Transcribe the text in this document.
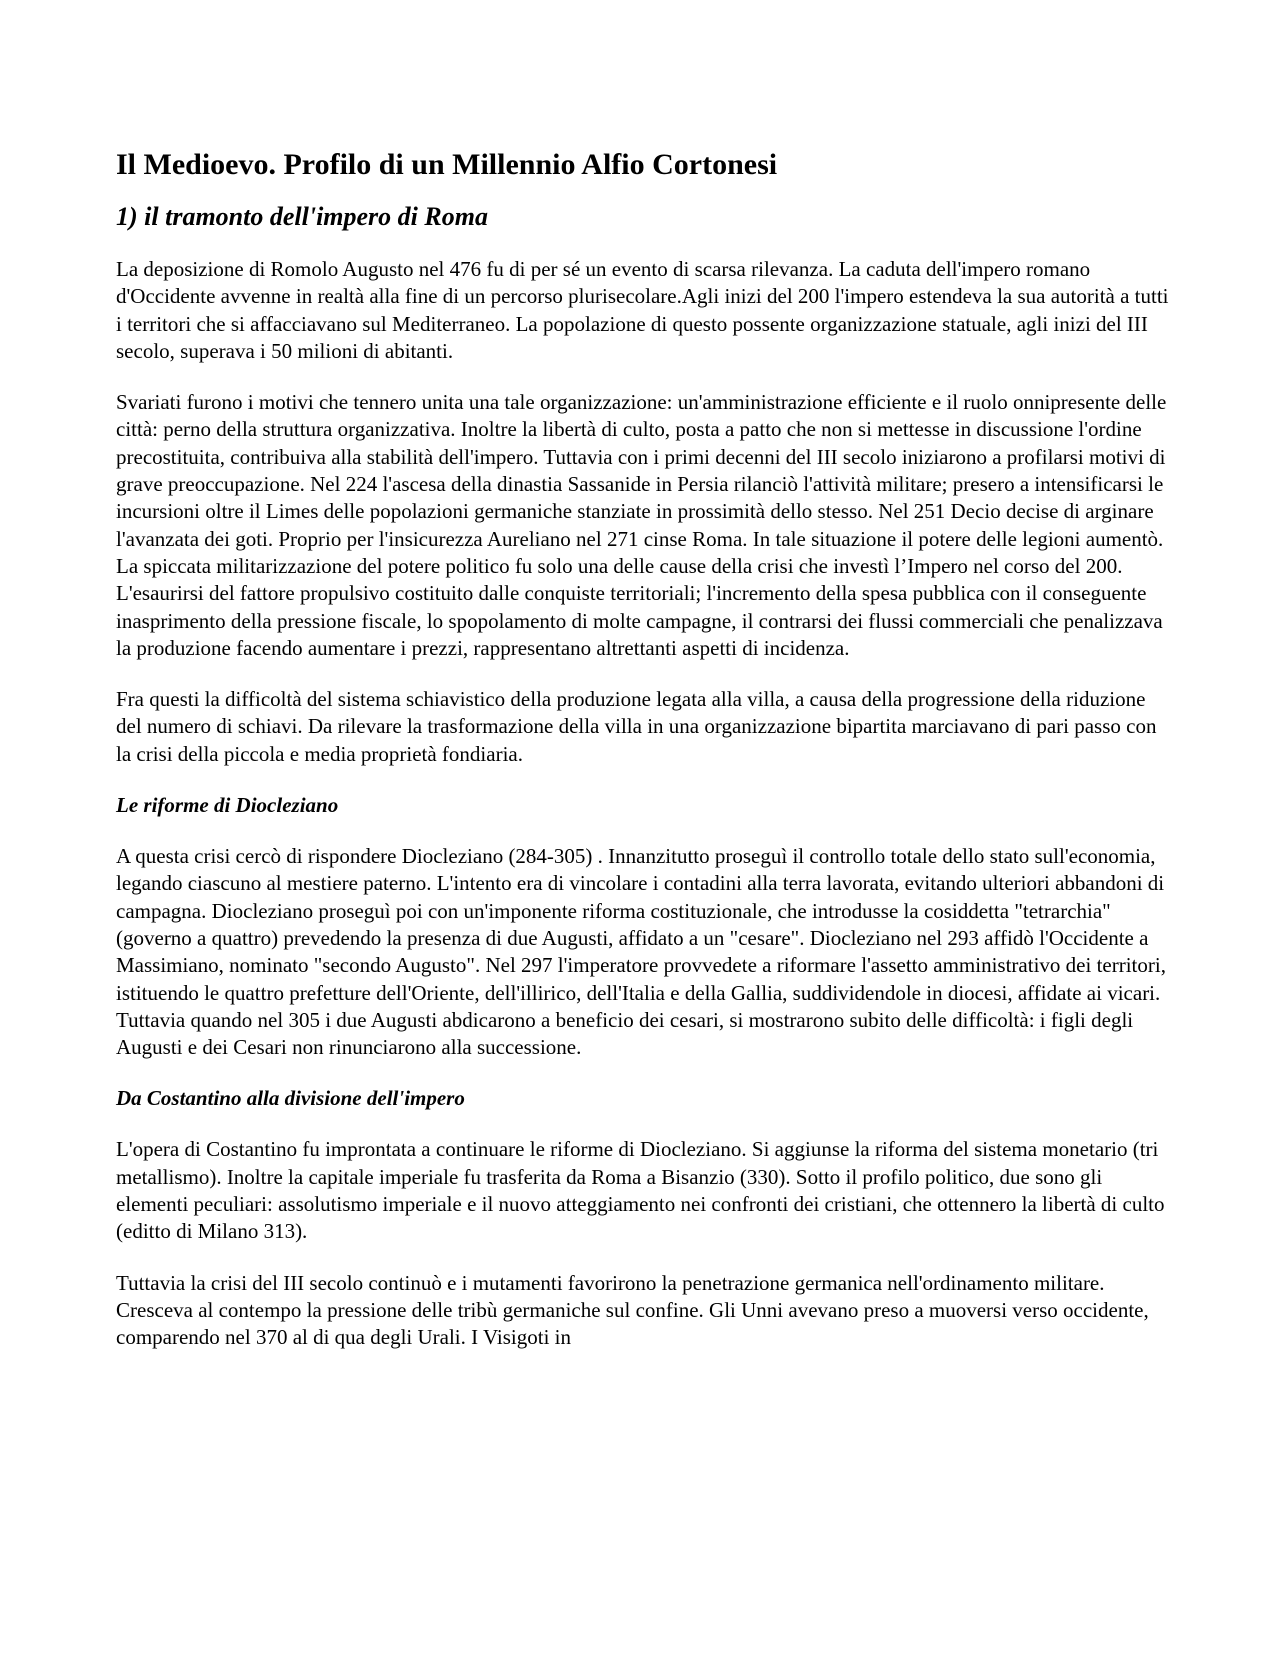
Il Medioevo. Profilo di un Millennio Alfio Cortonesi
1) il tramonto dell'impero di Roma

La deposizione di Romolo Augusto nel 476 fu di per sé un evento di scarsa rilevanza. La caduta dell'impero romano d'Occidente avvenne in realtà alla fine di un percorso plurisecolare.Agli inizi del 200 l'impero estendeva la sua autorità a tutti i territori che si affacciavano sul Mediterraneo. La popolazione di questo possente organizzazione statuale, agli inizi del III secolo, superava i 50 milioni di abitanti.

Svariati furono i motivi che tennero unita una tale organizzazione: un'amministrazione efficiente e il ruolo onnipresente delle città: perno della struttura organizzativa. Inoltre la libertà di culto, posta a patto che non si mettesse in discussione l'ordine precostituita, contribuiva alla stabilità dell'impero. Tuttavia con i primi decenni del III secolo iniziarono a profilarsi motivi di grave preoccupazione. Nel 224 l'ascesa della dinastia Sassanide in Persia rilanciò l'attività militare; presero a intensificarsi le incursioni oltre il Limes delle popolazioni germaniche stanziate in prossimità dello stesso. Nel 251 Decio decise di arginare l'avanzata dei goti. Proprio per l'insicurezza Aureliano nel 271 cinse Roma. In tale situazione il potere delle legioni aumentò. La spiccata militarizzazione del potere politico fu solo una delle cause della crisi che investì l’Impero nel corso del 200. L'esaurirsi del fattore propulsivo costituito dalle conquiste territoriali; l'incremento della spesa pubblica con il conseguente inasprimento della pressione fiscale, lo spopolamento di molte campagne, il contrarsi dei flussi commerciali che penalizzava la produzione facendo aumentare i prezzi, rappresentano altrettanti aspetti di incidenza.

Fra questi la difficoltà del sistema schiavistico della produzione legata alla villa, a causa della progressione della riduzione del numero di schiavi. Da rilevare la trasformazione della villa in una organizzazione bipartita marciavano di pari passo con la crisi della piccola e media proprietà fondiaria.

Le riforme di Diocleziano

A questa crisi cercò di rispondere Diocleziano (284-305) . Innanzitutto proseguì il controllo totale dello stato sull'economia, legando ciascuno al mestiere paterno. L'intento era di vincolare i contadini alla terra lavorata, evitando ulteriori abbandoni di campagna. Diocleziano proseguì poi con un'imponente riforma costituzionale, che introdusse la cosiddetta "tetrarchia" (governo a quattro) prevedendo la presenza di due Augusti, affidato a un "cesare". Diocleziano nel 293 affidò l'Occidente a Massimiano, nominato "secondo Augusto". Nel 297 l'imperatore provvedete a riformare l'assetto amministrativo dei territori, istituendo le quattro prefetture dell'Oriente, dell'illirico, dell'Italia e della Gallia, suddividendole in diocesi, affidate ai vicari. Tuttavia quando nel 305 i due Augusti abdicarono a beneficio dei cesari, si mostrarono subito delle difficoltà: i figli degli Augusti e dei Cesari non rinunciarono alla successione.

Da Costantino alla divisione dell'impero

L'opera di Costantino fu improntata a continuare le riforme di Diocleziano. Si aggiunse la riforma del sistema monetario (tri metallismo). Inoltre la capitale imperiale fu trasferita da Roma a Bisanzio (330). Sotto il profilo politico, due sono gli elementi peculiari: assolutismo imperiale e il nuovo atteggiamento nei confronti dei cristiani, che ottennero la libertà di culto (editto di Milano 313).

Tuttavia la crisi del III secolo continuò e i mutamenti favorirono la penetrazione germanica nell'ordinamento militare. Cresceva al contempo la pressione delle tribù germaniche sul confine. Gli Unni avevano preso a muoversi verso occidente, comparendo nel 370 al di qua degli Urali. I Visigoti in
